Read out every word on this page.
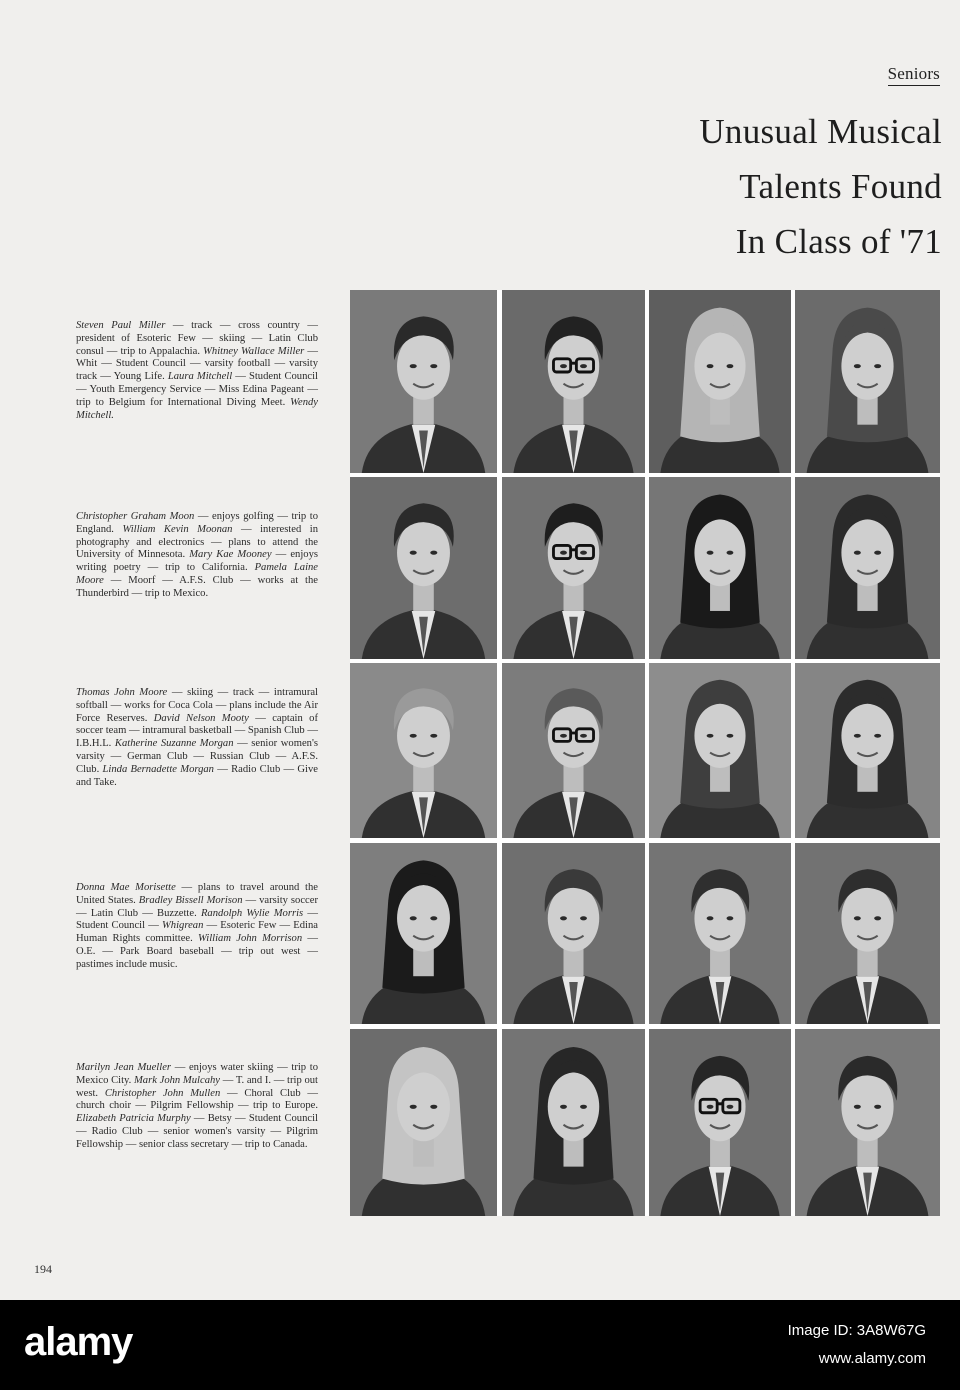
Seniors
Unusual Musical
Talents Found
In Class of '71
Steven Paul Miller — track — cross country — president of Esoteric Few — skiing — Latin Club consul — trip to Appalachia. Whitney Wallace Miller — Whit — Student Council — varsity football — varsity track — Young Life. Laura Mitchell — Student Council — Youth Emergency Service — Miss Edina Pageant — trip to Belgium for International Diving Meet. Wendy Mitchell.
Christopher Graham Moon — enjoys golfing — trip to England. William Kevin Moonan — interested in photography and electronics — plans to attend the University of Minnesota. Mary Kae Mooney — enjoys writing poetry — trip to California. Pamela Laine Moore — Moorf — A.F.S. Club — works at the Thunderbird — trip to Mexico.
Thomas John Moore — skiing — track — intramural softball — works for Coca Cola — plans include the Air Force Reserves. David Nelson Mooty — captain of soccer team — intramural basketball — Spanish Club — I.B.H.L. Katherine Suzanne Morgan — senior women's varsity — German Club — Russian Club — A.F.S. Club. Linda Bernadette Morgan — Radio Club — Give and Take.
Donna Mae Morisette — plans to travel around the United States. Bradley Bissell Morison — varsity soccer — Latin Club — Buzzette. Randolph Wylie Morris — Student Council — Whigrean — Esoteric Few — Edina Human Rights committee. William John Morrison — O.E. — Park Board baseball — trip out west — pastimes include music.
Marilyn Jean Mueller — enjoys water skiing — trip to Mexico City. Mark John Mulcahy — T. and I. — trip out west. Christopher John Mullen — Choral Club — church choir — Pilgrim Fellowship — trip to Europe. Elizabeth Patricia Murphy — Betsy — Student Council — Radio Club — senior women's varsity — Pilgrim Fellowship — senior class secretary — trip to Canada.
194
alamy	Image ID: 3A8W67G
www.alamy.com
